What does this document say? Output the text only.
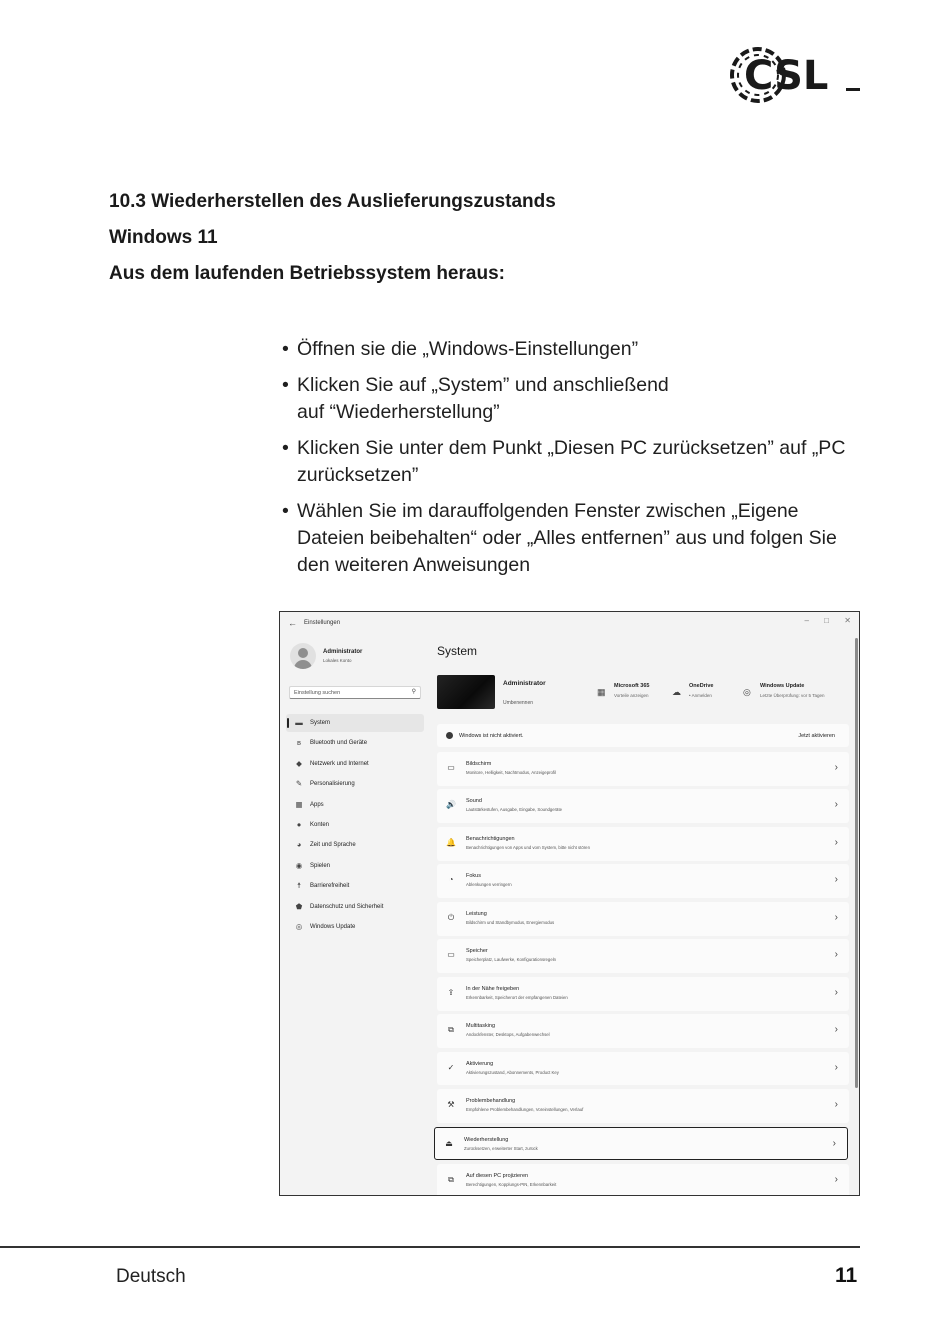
CSL
10.3 Wiederherstellen des Auslieferungszustands
Windows 11
Aus dem laufenden Betriebssystem heraus:
• Öffnen sie die „Windows-Einstellungen”
• Klicken Sie auf „System” und anschließend auf “Wiederherstellung”
• Klicken Sie unter dem Punkt „Diesen PC zurücksetzen” auf „PC zurücksetzen”
• Wählen Sie im darauffolgenden Fenster zwischen „Eigene Dateien beibehalten“ oder „Alles entfernen” aus und folgen Sie den weiteren Anweisungen
← Einstellungen	– □ ✕
Administrator
Lokales Konto
Einstellung suchen	⚲
▬ System
ʙ	Bluetooth und Geräte
◆	Netzwerk und Internet
✎	Personalisierung
▦ Apps
●	Konten
◕	Zeit und Sprache
◉ Spielen
☨	Barrierefreiheit
⬟ Datenschutz und Sicherheit
◎ Windows Update
System
Administrator
Umbenennen
▦
Microsoft 365
Vorteile anzeigen	☁
OneDrive
• Anmelden	◎
Windows Update
Letzte Überprüfung: vor 5 Tagen
Windows ist nicht aktiviert.	Jetzt aktivieren
▭	Bildschirm
Monitore, Helligkeit, Nachtmodus, Anzeigeprofil	›
🔊 Sound
Lautstärkestufen, Ausgabe, Eingabe, Soundgeräte	›
🔔 Benachrichtigungen
Benachrichtigungen von Apps und vom System, bitte nicht stören	›
◔	Fokus
Ablenkungen verringern	›
⏻	Leistung
Bildschirm und Standbymodus, Energiemodus	›
▭	Speicher
Speicherplatz, Laufwerke, Konfigurationsregeln	›
⇪	In der Nähe freigeben
Erkennbarkeit, Speicherort der empfangenen Dateien	›
⧉	Multitasking
Andockfenster, Desktops, Aufgabenwechsel	›
✓	Aktivierung
Aktivierungszustand, Abonnements, Product Key	›
⚒	Problembehandlung
Empfohlene Problembehandlungen, Voreinstellungen, Verlauf	›
⏏	Wiederherstellung
Zurücksetzen, erweiterter Start, zurück	›
⧉	Auf diesen PC projizieren
Berechtigungen, Kopplungs-PIN, Erkennbarkeit	›
Deutsch	11
